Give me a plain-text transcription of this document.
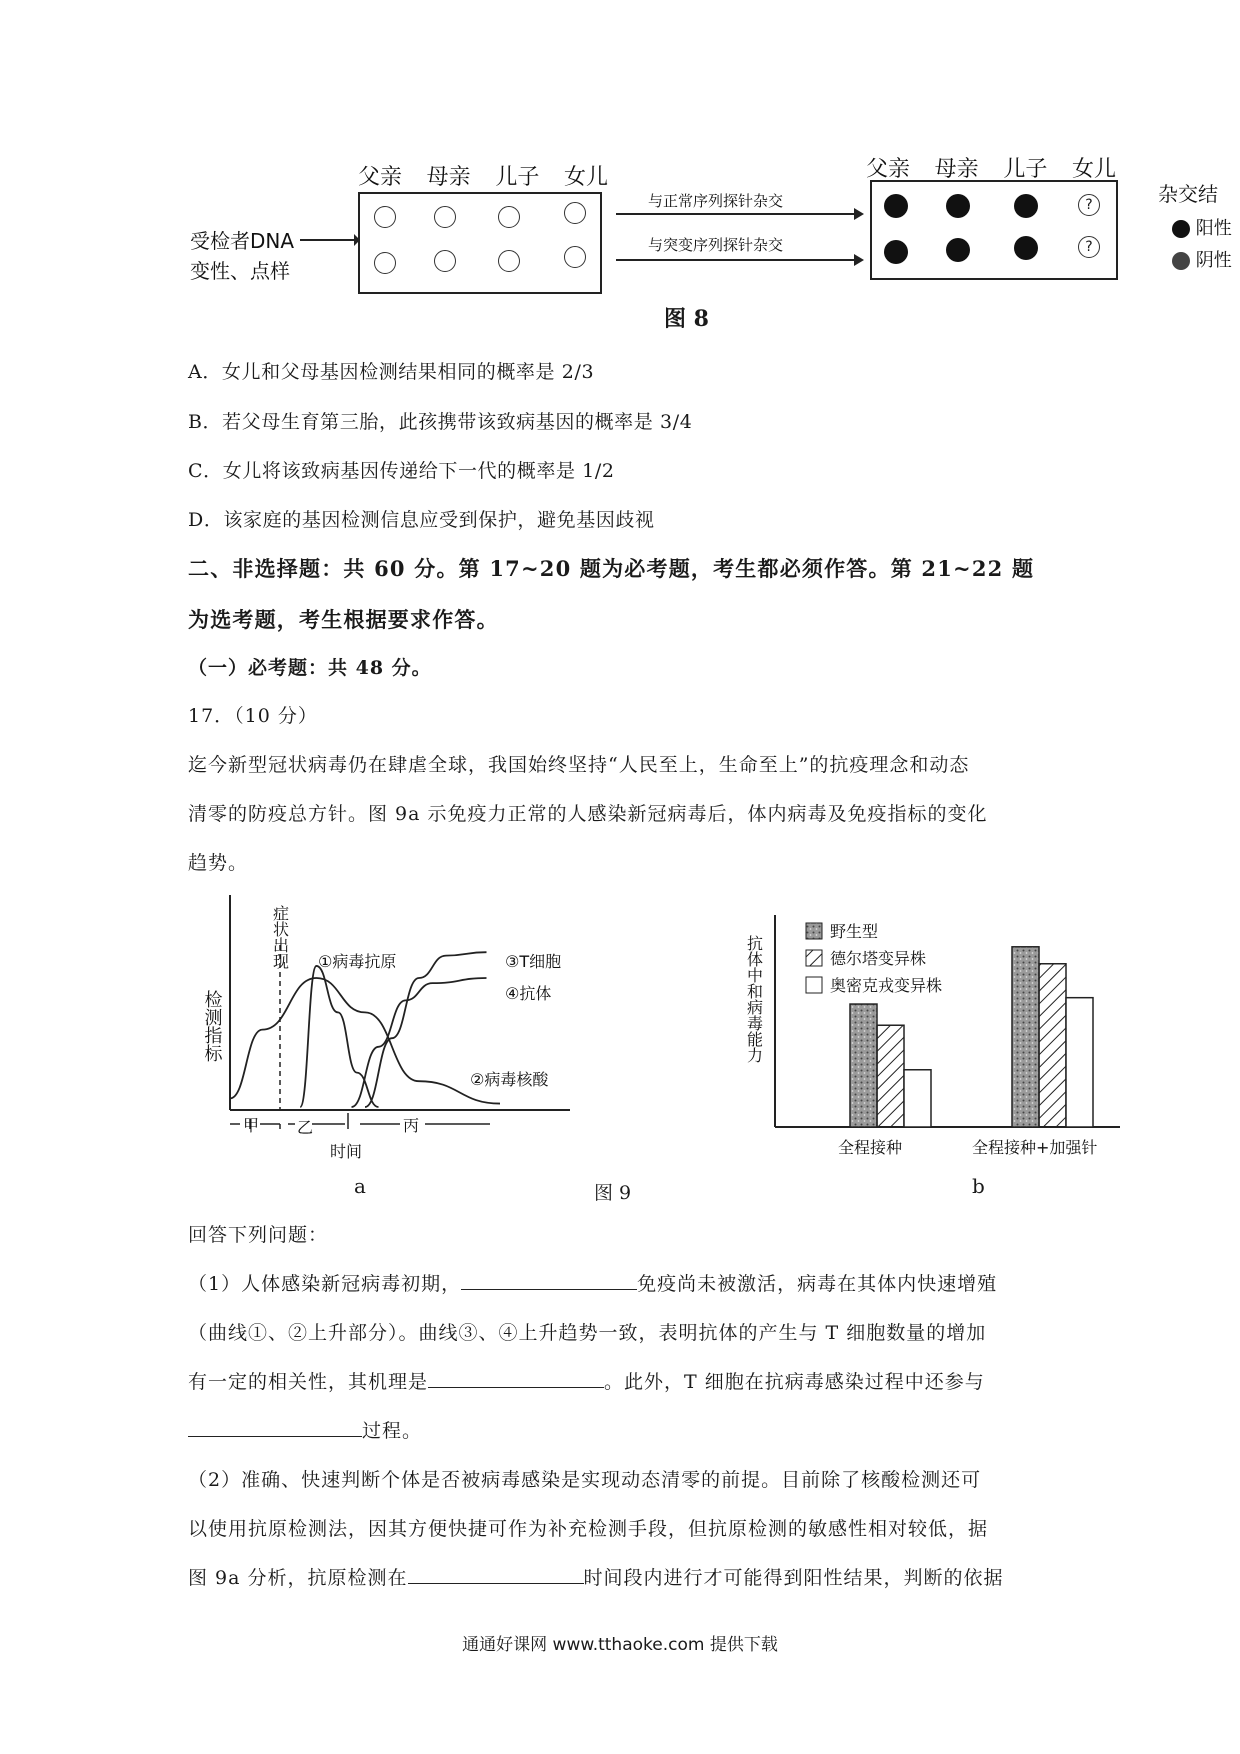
受检者DNA
变性、点样
父亲 母亲 儿子 女儿
与正常序列探针杂交
与突变序列探针杂交
父亲 母亲 儿子 女儿
?
?
杂交结
阳性
阴性
图 8
A．女儿和父母基因检测结果相同的概率是 2/3
B．若父母生育第三胎，此孩携带该致病基因的概率是 3/4
C．女儿将该致病基因传递给下一代的概率是 1/2
D．该家庭的基因检测信息应受到保护，避免基因歧视
二、非选择题：共 60 分。第 17~20 题为必考题，考生都必须作答。第 21~22 题
为选考题，考生根据要求作答。
（一）必考题：共 48 分。
17．（10 分）
迄今新型冠状病毒仍在肆虐全球，我国始终坚持“人民至上，生命至上”的抗疫理念和动态
清零的防疫总方针。图 9a 示免疫力正常的人感染新冠病毒后，体内病毒及免疫指标的变化
趋势。
检测指标
症状出现 ①病毒抗原
②病毒核酸
③T细胞
④抗体
甲 乙	丙
时间
a	图 9
抗体中和病毒能力
野生型
德尔塔变异株
奥密克戎变异株
全程接种	全程接种+加强针
b
回答下列问题：
（1）人体感染新冠病毒初期，	免疫尚未被激活，病毒在其体内快速增殖
（曲线①、②上升部分）。曲线③、④上升趋势一致，表明抗体的产生与 T 细胞数量的增加
有一定的相关性，其机理是	。此外，T 细胞在抗病毒感染过程中还参与
过程。
（2）准确、快速判断个体是否被病毒感染是实现动态清零的前提。目前除了核酸检测还可
以使用抗原检测法，因其方便快捷可作为补充检测手段，但抗原检测的敏感性相对较低，据
图 9a 分析，抗原检测在	时间段内进行才可能得到阳性结果，判断的依据
通通好课网 www.tthaoke.com 提供下载
